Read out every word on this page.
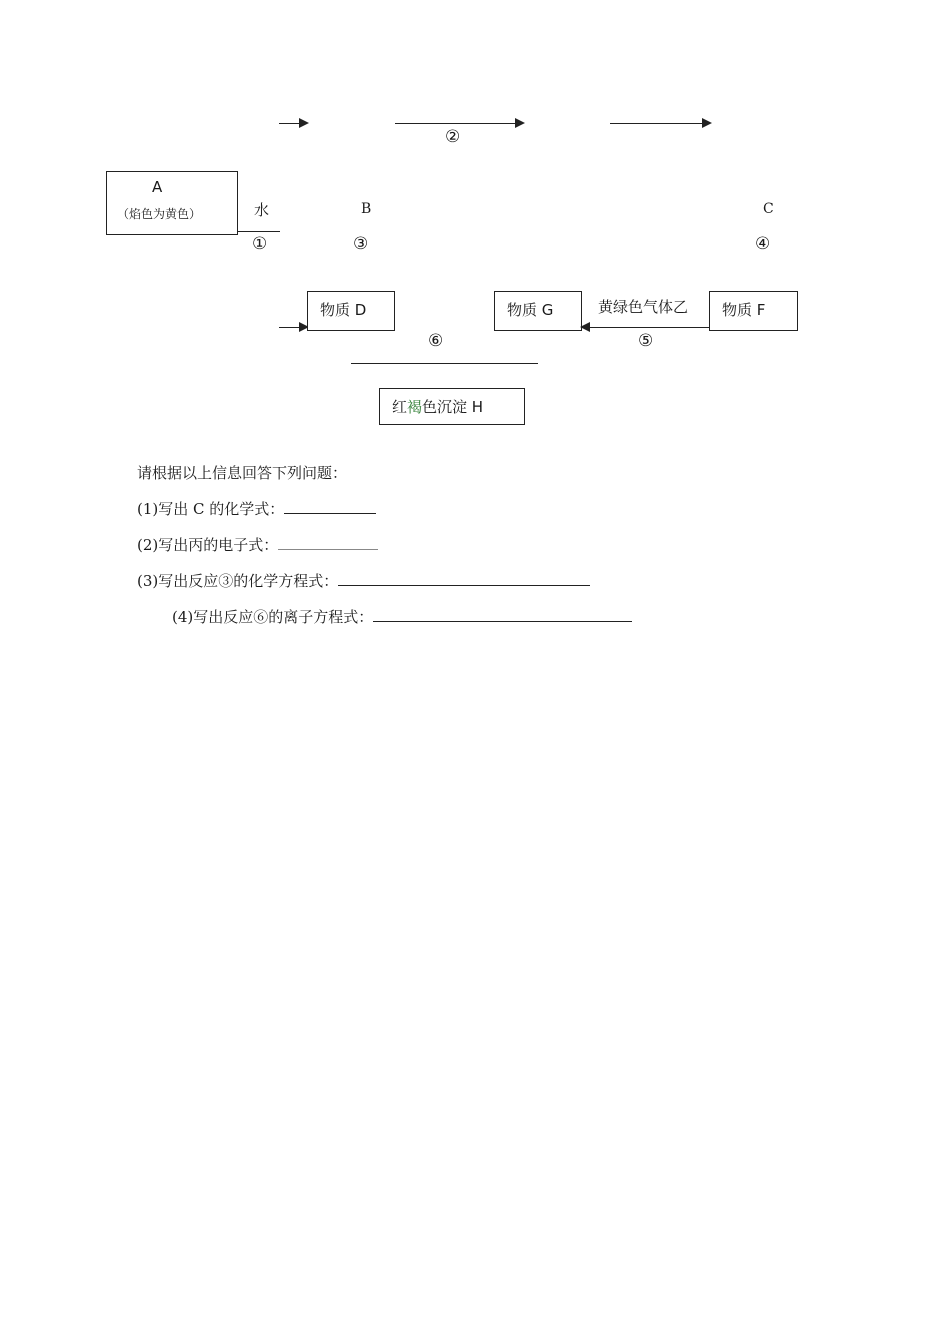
②
A
（焰色为黄色）	水
①
B
③
C
④
物质 D	物质 G	黄绿色气体乙
⑤
物质 F
⑥
红褐色沉淀 H
请根据以上信息回答下列问题：
(1)写出 C 的化学式：
(2)写出丙的电子式：
(3)写出反应③的化学方程式：
(4)写出反应⑥的离子方程式：
